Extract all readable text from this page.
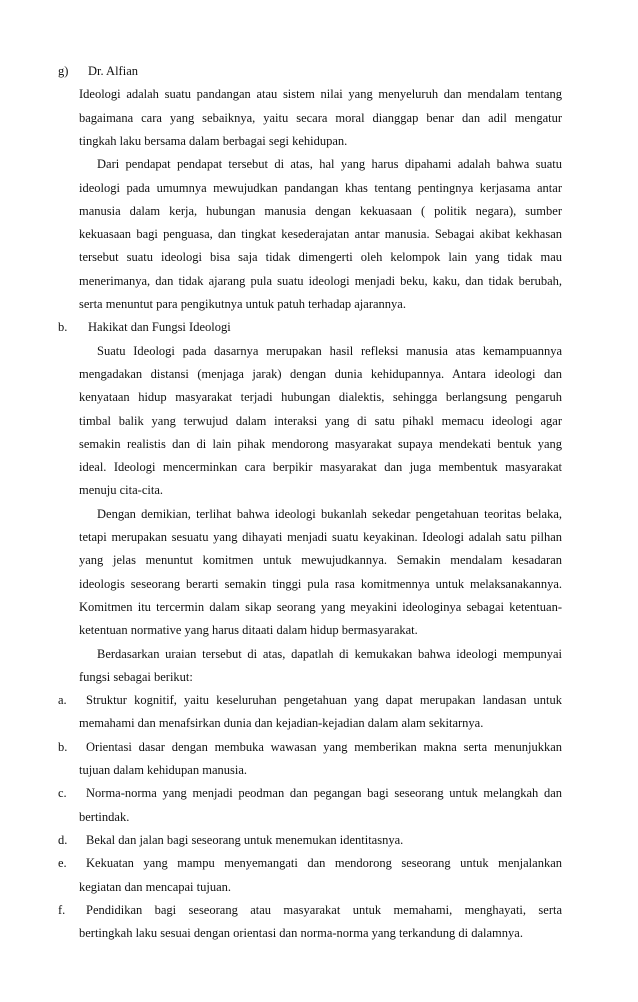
g) Dr. Alfian
Ideologi adalah suatu pandangan atau sistem nilai yang menyeluruh dan mendalam tentang
bagaimana cara yang sebaiknya, yaitu secara moral dianggap benar dan adil mengatur
tingkah laku bersama dalam berbagai segi kehidupan.
Dari pendapat pendapat tersebut di atas, hal yang harus dipahami adalah bahwa suatu
ideologi pada umumnya mewujudkan pandangan khas tentang pentingnya kerjasama antar
manusia dalam kerja, hubungan manusia dengan kekuasaan ( politik negara), sumber
kekuasaan bagi penguasa, dan tingkat kesederajatan antar manusia. Sebagai akibat kekhasan
tersebut suatu ideologi bisa saja tidak dimengerti oleh kelompok lain yang tidak mau
menerimanya, dan tidak ajarang pula suatu ideologi menjadi beku, kaku, dan tidak berubah,
serta menuntut para pengikutnya untuk patuh terhadap ajarannya.
b. Hakikat dan Fungsi Ideologi
Suatu Ideologi pada dasarnya merupakan hasil refleksi manusia atas kemampuannya
mengadakan distansi (menjaga jarak) dengan dunia kehidupannya. Antara ideologi dan
kenyataan hidup masyarakat terjadi hubungan dialektis, sehingga berlangsung pengaruh
timbal balik yang terwujud dalam interaksi yang di satu pihakl memacu ideologi agar
semakin realistis dan di lain pihak mendorong masyarakat supaya mendekati bentuk yang
ideal. Ideologi mencerminkan cara berpikir masyarakat dan juga membentuk masyarakat
menuju cita-cita.
Dengan demikian, terlihat bahwa ideologi bukanlah sekedar pengetahuan teoritas belaka,
tetapi merupakan sesuatu yang dihayati menjadi suatu keyakinan. Ideologi adalah satu pilhan
yang jelas menuntut komitmen untuk mewujudkannya. Semakin mendalam kesadaran
ideologis seseorang berarti semakin tinggi pula rasa komitmennya untuk melaksanakannya.
Komitmen itu tercermin dalam sikap seorang yang meyakini ideologinya sebagai ketentuan-
ketentuan normative yang harus ditaati dalam hidup bermasyarakat.
Berdasarkan uraian tersebut di atas, dapatlah di kemukakan bahwa ideologi mempunyai
fungsi sebagai berikut:
a. Struktur kognitif, yaitu keseluruhan pengetahuan yang dapat merupakan landasan untuk
memahami dan menafsirkan dunia dan kejadian-kejadian dalam alam sekitarnya.
b. Orientasi dasar dengan membuka wawasan yang memberikan makna serta menunjukkan
tujuan dalam kehidupan manusia.
c. Norma-norma yang menjadi peodman dan pegangan bagi seseorang untuk melangkah dan
bertindak.
d. Bekal dan jalan bagi seseorang untuk menemukan identitasnya.
e. Kekuatan yang mampu menyemangati dan mendorong seseorang untuk menjalankan
kegiatan dan mencapai tujuan.
f. Pendidikan bagi seseorang atau masyarakat untuk memahami, menghayati, serta
bertingkah laku sesuai dengan orientasi dan norma-norma yang terkandung di dalamnya.
